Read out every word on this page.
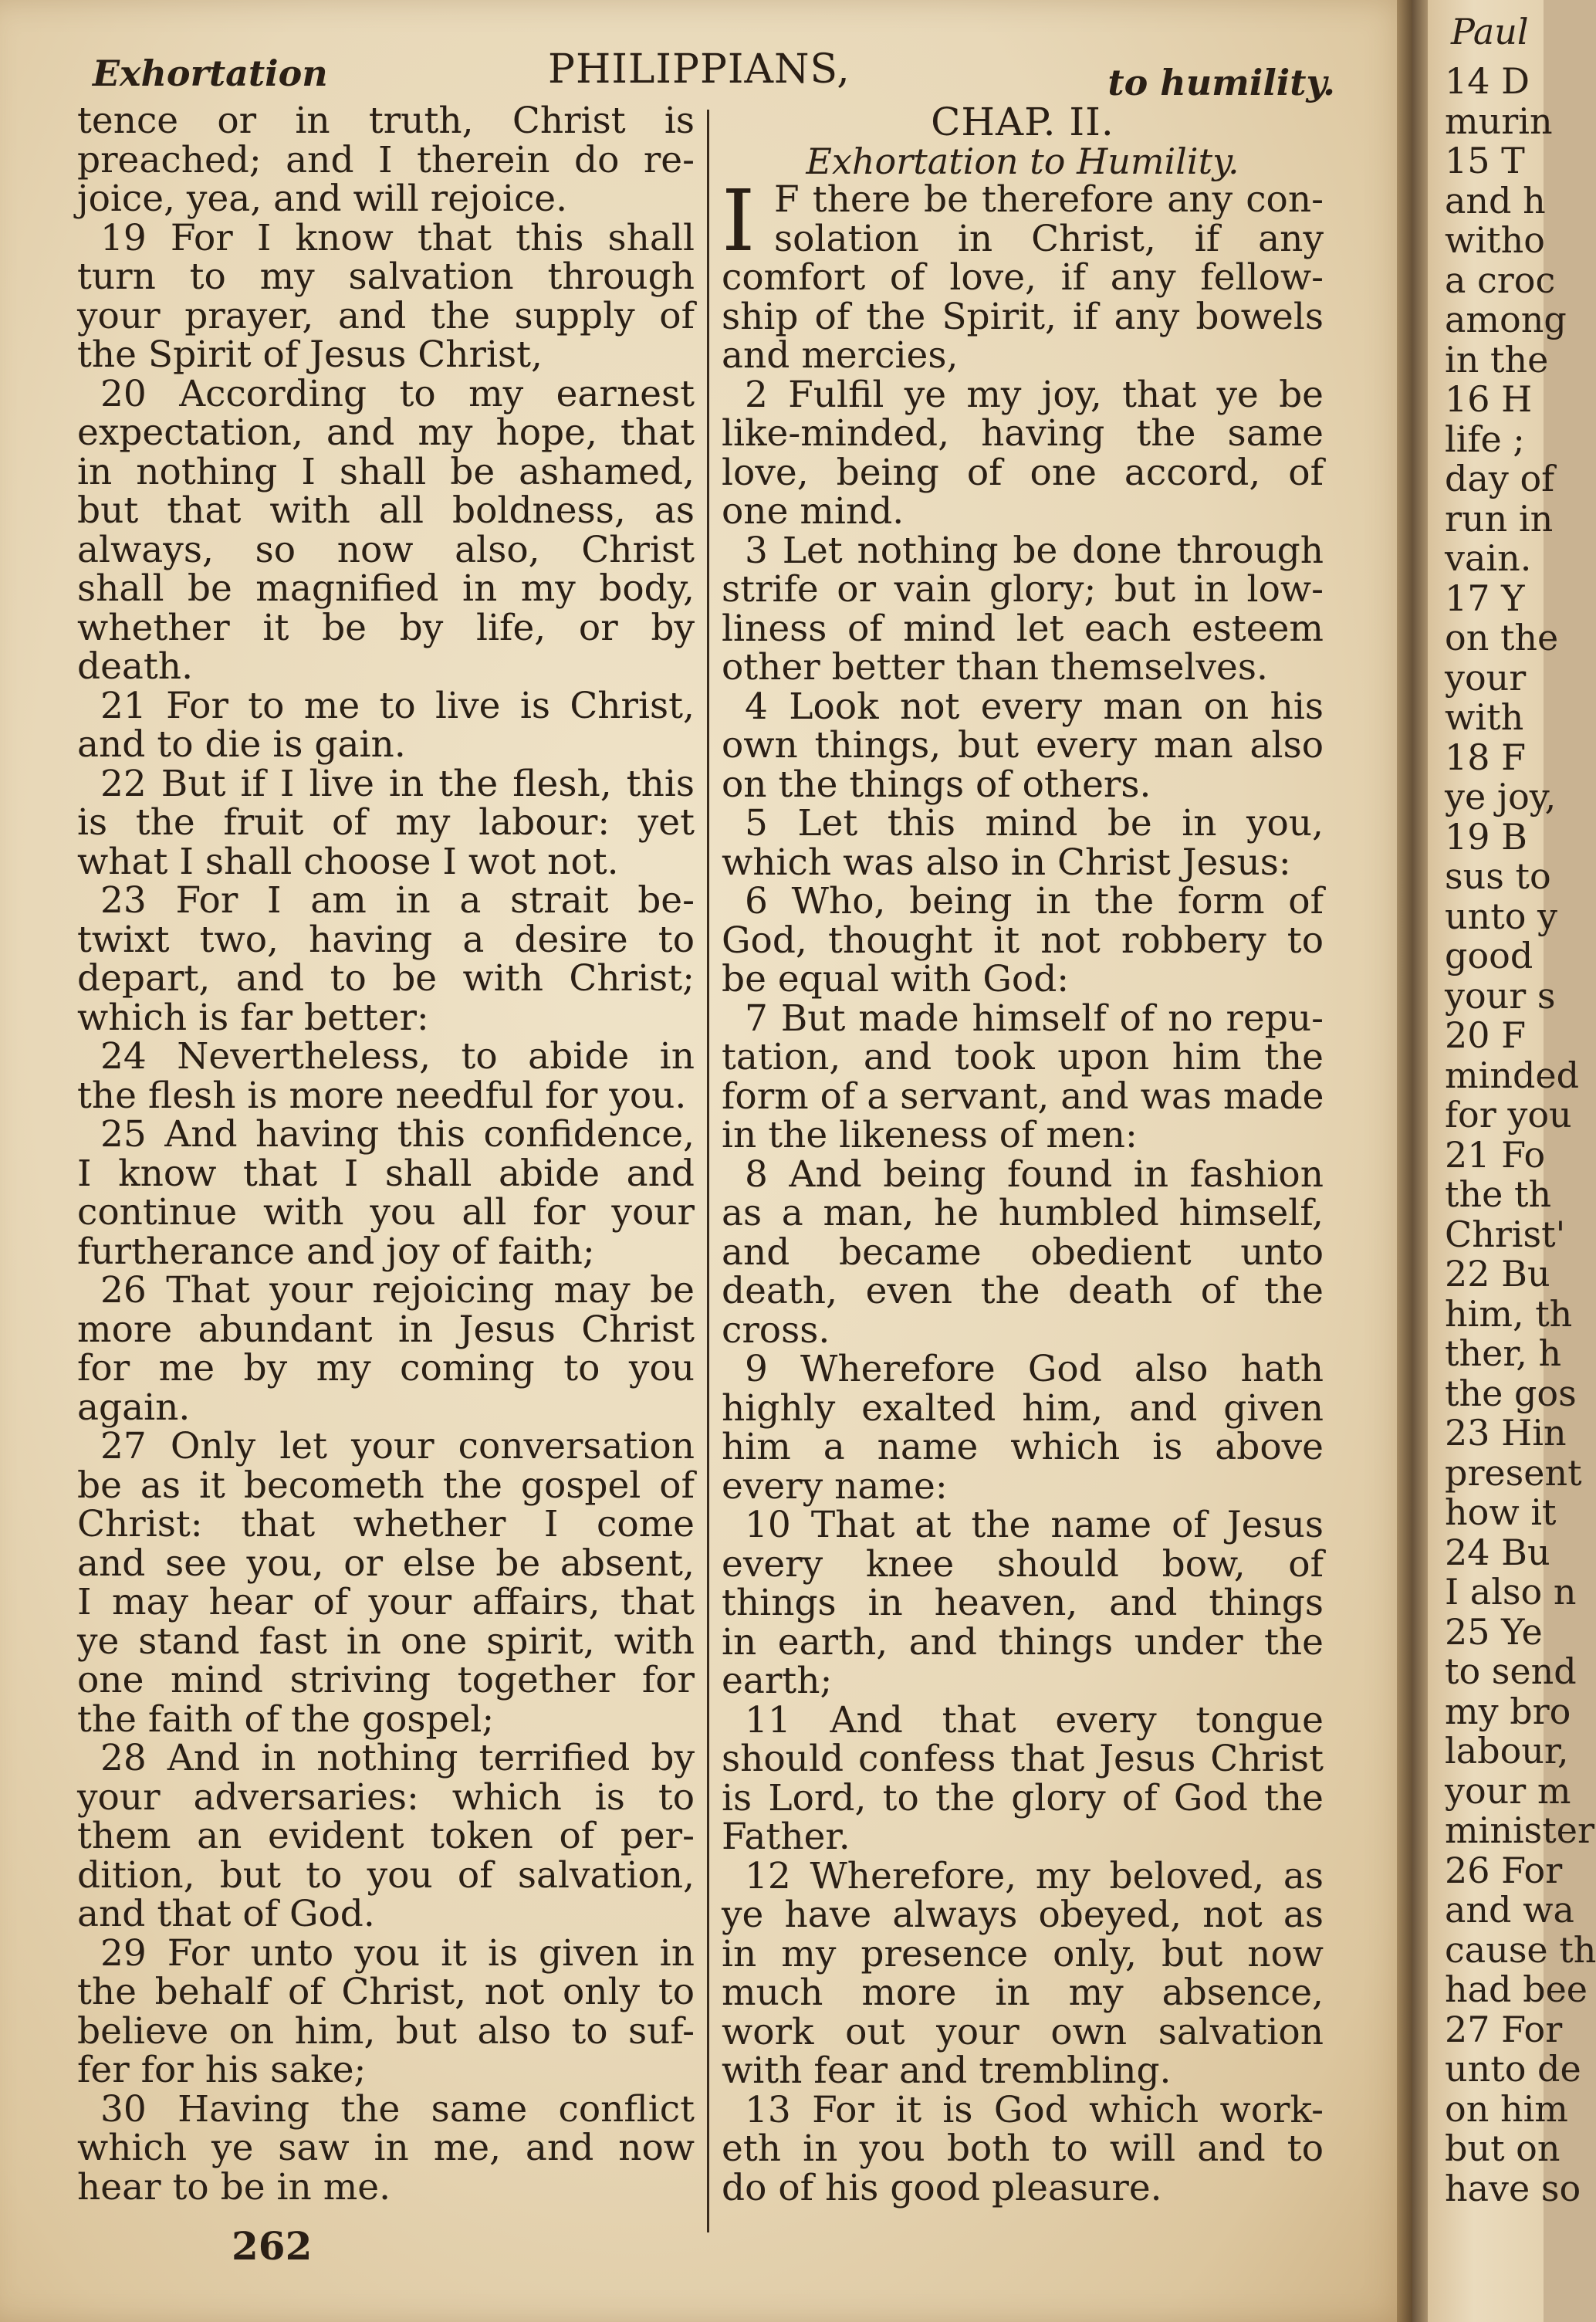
Exhortation	PHILIPPIANS,	to humility.
tence or in truth, Christ is
preached; and I therein do re-
joice, yea, and will rejoice.
19 For I know that this shall
turn to my salvation through
your prayer, and the supply of
the Spirit of Jesus Christ,
20 According to my earnest
expectation, and my hope, that
in nothing I shall be ashamed,
but that with all boldness, as
always, so now also, Christ
shall be magnified in my body,
whether it be by life, or by
death.
21 For to me to live is Christ,
and to die is gain.
22 But if I live in the flesh, this
is the fruit of my labour: yet
what I shall choose I wot not.
23 For I am in a strait be-
twixt two, having a desire to
depart, and to be with Christ;
which is far better:
24 Nevertheless, to abide in
the flesh is more needful for you.
25 And having this confidence,
I know that I shall abide and
continue with you all for your
furtherance and joy of faith;
26 That your rejoicing may be
more abundant in Jesus Christ
for me by my coming to you
again.
27 Only let your conversation
be as it becometh the gospel of
Christ: that whether I come
and see you, or else be absent,
I may hear of your affairs, that
ye stand fast in one spirit, with
one mind striving together for
the faith of the gospel;
28 And in nothing terrified by
your adversaries: which is to
them an evident token of per-
dition, but to you of salvation,
and that of God.
29 For unto you it is given in
the behalf of Christ, not only to
believe on him, but also to suf-
fer for his sake;
30 Having the same conflict
which ye saw in me, and now
hear to be in me.
CHAP. II.
Exhortation to Humility.
I F there be therefore any con-
solation in Christ, if any
comfort of love, if any fellow-
ship of the Spirit, if any bowels
and mercies,
2 Fulfil ye my joy, that ye be
like-minded, having the same
love, being of one accord, of
one mind.
3 Let nothing be done through
strife or vain glory; but in low-
liness of mind let each esteem
other better than themselves.
4 Look not every man on his
own things, but every man also
on the things of others.
5 Let this mind be in you,
which was also in Christ Jesus:
6 Who, being in the form of
God, thought it not robbery to
be equal with God:
7 But made himself of no repu-
tation, and took upon him the
form of a servant, and was made
in the likeness of men:
8 And being found in fashion
as a man, he humbled himself,
and became obedient unto
death, even the death of the
cross.
9 Wherefore God also hath
highly exalted him, and given
him a name which is above
every name:
10 That at the name of Jesus
every knee should bow, of
things in heaven, and things
in earth, and things under the
earth;
11 And that every tongue
should confess that Jesus Christ
is Lord, to the glory of God the
Father.
12 Wherefore, my beloved, as
ye have always obeyed, not as
in my presence only, but now
much more in my absence,
work out your own salvation
with fear and trembling.
13 For it is God which work-
eth in you both to will and to
do of his good pleasure.
262
Paul
14 D
murin
15 T
and h
witho
a croc
among
in the
16 H
life ;
day of
run in
vain.
17 Y
on the
your
with
18 F
ye joy,
19 B
sus to
unto y
good
your s
20 F
minded
for you
21 Fo
the th
Christ'
22 Bu
him, th
ther, h
the gos
23 Hin
present
how it
24 Bu
I also n
25 Ye
to send
my bro
labour,
your m
minister
26 For
and wa
cause th
had bee
27 For
unto de
on him
but on
have so
